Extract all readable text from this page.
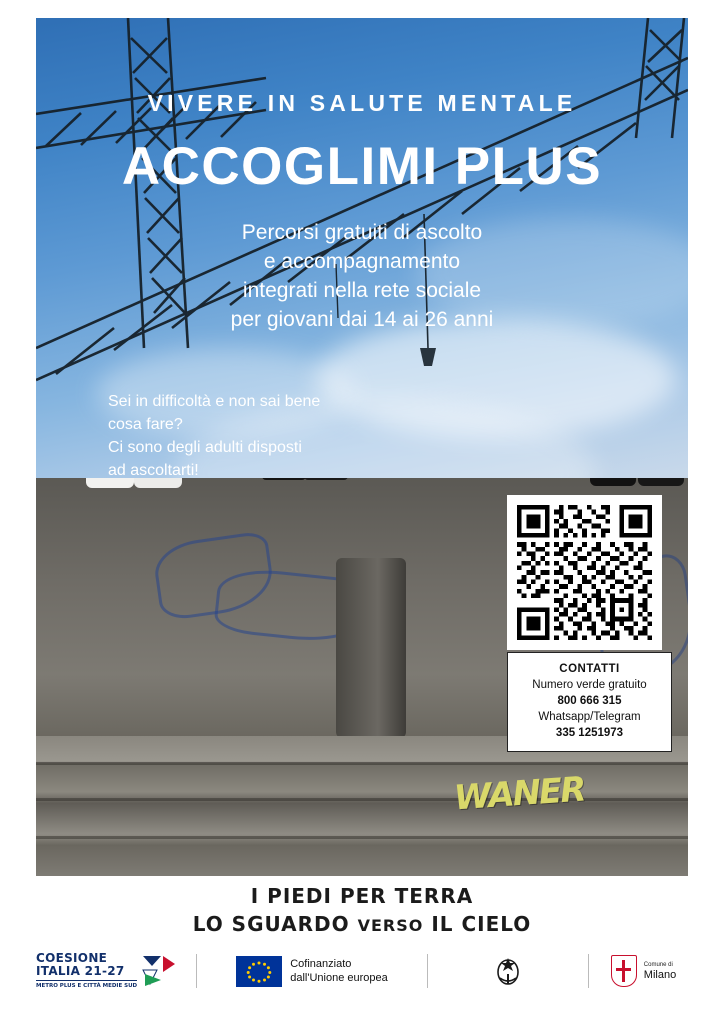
VIVERE IN SALUTE MENTALE
ACCOGLIMI PLUS
Percorsi gratuiti di ascolto
e accompagnamento
integrati nella rete sociale
per giovani dai 14 ai 26 anni
Sei in difficoltà e non sai bene
cosa fare?
Ci sono degli adulti disposti
ad ascoltarti!
WANER
CONTATTI
Numero verde gratuito
800 666 315
Whatsapp/Telegram
335 1251973
I PIEDI PER TERRA
LO SGUARDO VERSO IL CIELO
COESIONE
ITALIA 21-27
METRO PLUS E CITTÀ MEDIE SUD
Cofinanziato
dall'Unione europea
Comune di
Milano
